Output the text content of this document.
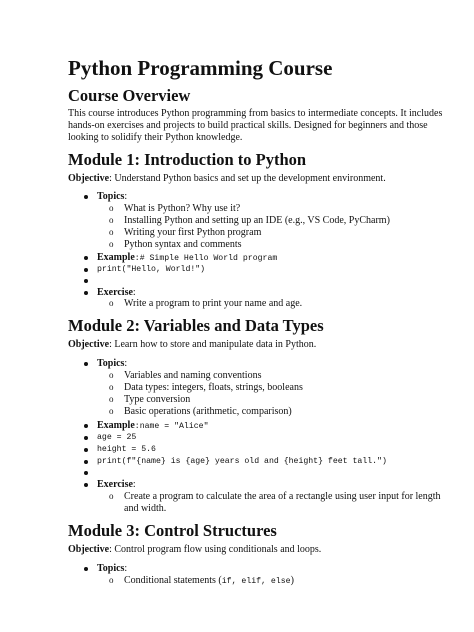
Python Programming Course
Course Overview
This course introduces Python programming from basics to intermediate concepts. It includes
hands-on exercises and projects to build practical skills. Designed for beginners and those
looking to solidify their Python knowledge.
Module 1: Introduction to Python
Objective: Understand Python basics and set up the development environment.
Topics:
o What is Python? Why use it?
o Installing Python and setting up an IDE (e.g., VS Code, PyCharm)
o Writing your first Python program
o Python syntax and comments
Example:# Simple Hello World program
print("Hello, World!")
Exercise:
o Write a program to print your name and age.
Module 2: Variables and Data Types
Objective: Learn how to store and manipulate data in Python.
Topics:
o Variables and naming conventions
o Data types: integers, floats, strings, booleans
o Type conversion
o Basic operations (arithmetic, comparison)
Example:name = "Alice"
age = 25
height = 5.6
print(f"{name} is {age} years old and {height} feet tall.")
Exercise:
o Create a program to calculate the area of a rectangle using user input for length
and width.
Module 3: Control Structures
Objective: Control program flow using conditionals and loops.
Topics:
o Conditional statements (if, elif, else)
